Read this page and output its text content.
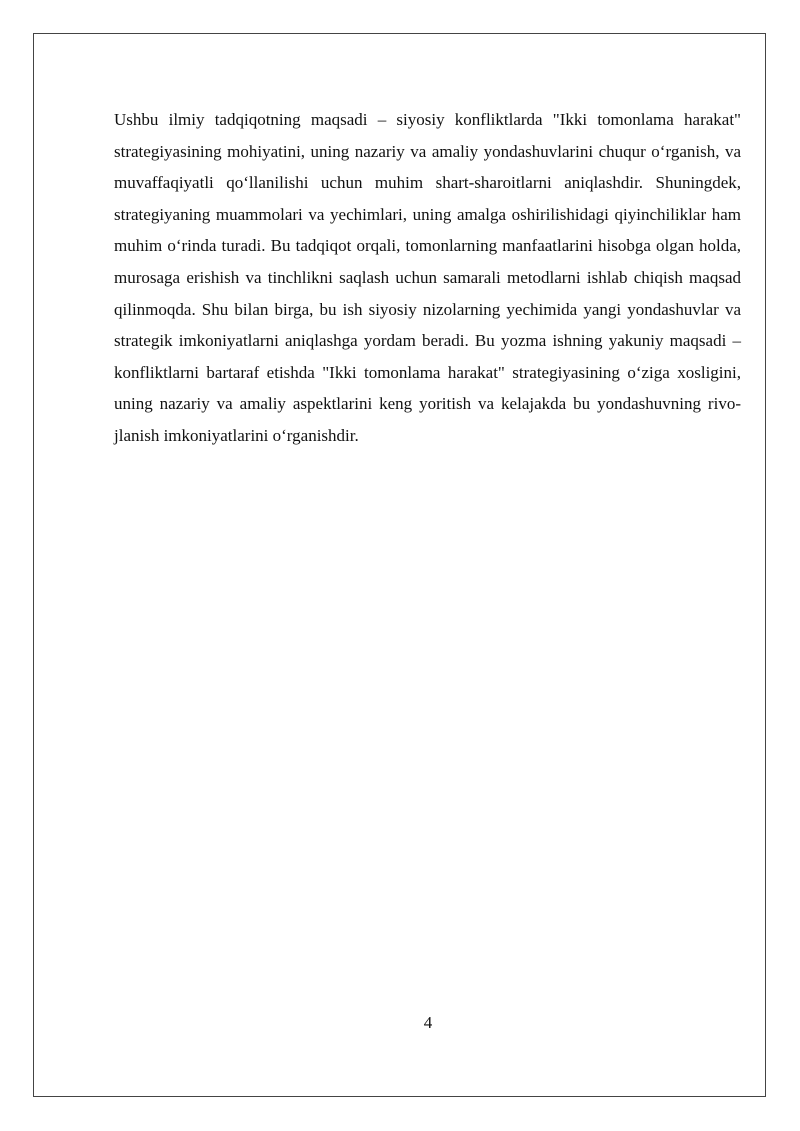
Ushbu ilmiy tadqiqotning maqsadi – siyosiy konfliktlarda "Ikki tomonlama harakat" strategiyasining mohiyatini, uning nazariy va amaliy yondashuvlarini chuqur o‘rganish, va muvaffaqiyatli qo‘llanilishi uchun muhim shart-sharoitlarni aniqlashdir. Shuningdek, strategiyaning muammolari va yechimlari, uning amalga oshirilishidagi qiyinchiliklar ham muhim o‘rinda turadi. Bu tadqiqot orqali, tomonlarning manfaatlarini hisobga olgan holda, murosaga erishish va tinchlikni saqlash uchun samarali metodlarni ishlab chiqish maqsad qilinmoqda. Shu bilan birga, bu ish siyosiy nizolarning yechimida yangi yondashuvlar va strategik imkoniyatlarni aniqlashga yordam beradi. Bu yozma ishning yakuniy maqsadi – konfliktlarni bartaraf etishda "Ikki tomonlama harakat" strategiyasining o‘ziga xosligini, uning nazariy va amaliy aspektlarini keng yoritish va kelajakda bu yondashuvning rivojlanish imkoniyatlarini o‘rganishdir.

4
